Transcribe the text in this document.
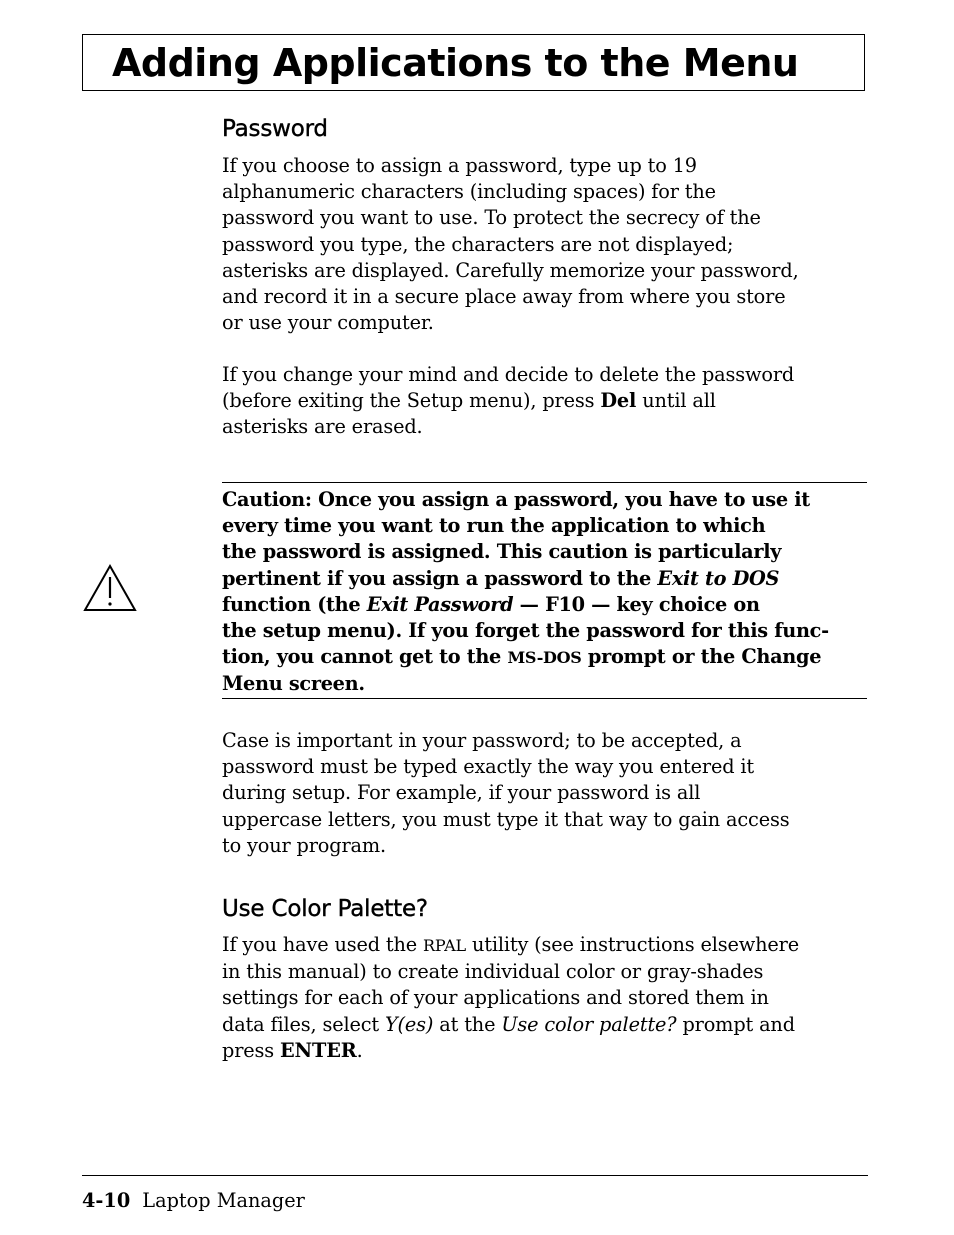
Adding Applications to the Menu
Password

If you choose to assign a password, type up to 19
alphanumeric characters (including spaces) for the
password you want to use. To protect the secrecy of the
password you type, the characters are not displayed;
asterisks are displayed. Carefully memorize your password,
and record it in a secure place away from where you store
or use your computer.

If you change your mind and decide to delete the password
(before exiting the Setup menu), press Del until all
asterisks are erased.

Caution: Once you assign a password, you have to use it
every time you want to run the application to which
the password is assigned. This caution is particularly
pertinent if you assign a password to the Exit to DOS
function (the Exit Password — F10 — key choice on
the setup menu). If you forget the password for this func-
tion, you cannot get to the MS-DOS prompt or the Change
Menu screen.

Case is important in your password; to be accepted, a
password must be typed exactly the way you entered it
during setup. For example, if your password is all
uppercase letters, you must type it that way to gain access
to your program.

Use Color Palette?

If you have used the RPAL utility (see instructions elsewhere
in this manual) to create individual color or gray-shades
settings for each of your applications and stored them in
data files, select Y(es) at the Use color palette? prompt and
press ENTER.

4-10 Laptop Manager
